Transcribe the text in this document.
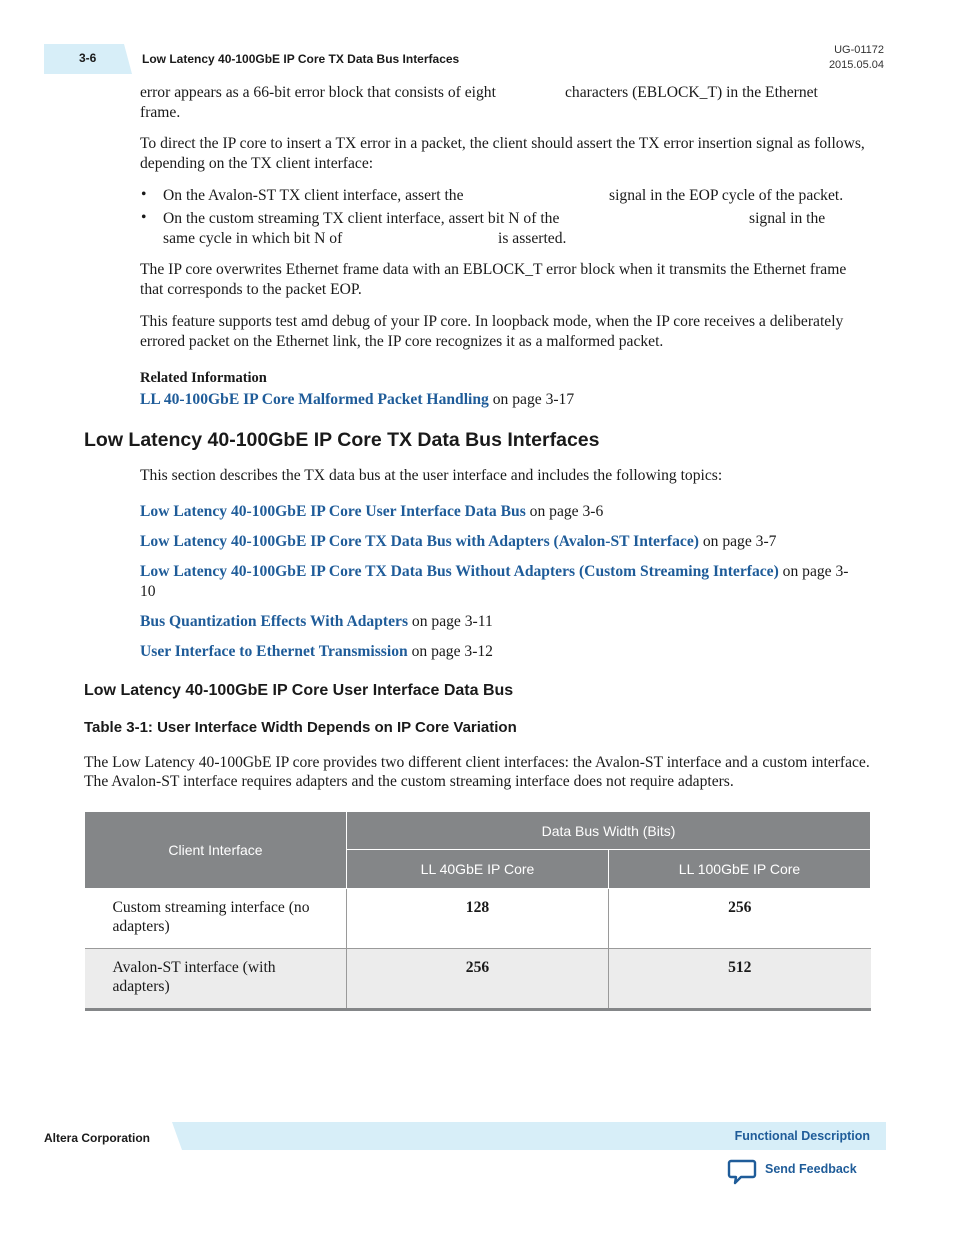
3-6	Low Latency 40-100GbE IP Core TX Data Bus Interfaces
UG-01172
2015.05.04
error appears as a 66-bit error block that consists of eight	characters (EBLOCK_T) in the Ethernet
frame.
To direct the IP core to insert a TX error in a packet, the client should assert the TX error insertion signal as follows, depending on the TX client interface:
• On the Avalon-ST TX client interface, assert the	signal in the EOP cycle of the packet.
• On the custom streaming TX client interface, assert bit N of the	signal in the
same cycle in which bit N of	is asserted.
The IP core overwrites Ethernet frame data with an EBLOCK_T error block when it transmits the Ethernet frame that corresponds to the packet EOP.
This feature supports test amd debug of your IP core. In loopback mode, when the IP core receives a deliberately errored packet on the Ethernet link, the IP core recognizes it as a malformed packet.
Related Information
LL 40-100GbE IP Core Malformed Packet Handling on page 3-17
Low Latency 40-100GbE IP Core TX Data Bus Interfaces
This section describes the TX data bus at the user interface and includes the following topics:
Low Latency 40-100GbE IP Core User Interface Data Bus on page 3-6
Low Latency 40-100GbE IP Core TX Data Bus with Adapters (Avalon-ST Interface) on page 3-7
Low Latency 40-100GbE IP Core TX Data Bus Without Adapters (Custom Streaming Interface) on page 3-10
Bus Quantization Effects With Adapters on page 3-11
User Interface to Ethernet Transmission on page 3-12
Low Latency 40-100GbE IP Core User Interface Data Bus
Table 3-1: User Interface Width Depends on IP Core Variation
The Low Latency 40-100GbE IP core provides two different client interfaces: the Avalon-ST interface and a custom interface. The Avalon-ST interface requires adapters and the custom streaming interface does not require adapters.
Client Interface	Data Bus Width (Bits)	
	LL 40GbE IP Core	LL 100GbE IP Core
Custom streaming interface (no adapters)	128	256
Avalon-ST interface (with adapters)	256	512
Altera Corporation	Functional Description
Send Feedback
